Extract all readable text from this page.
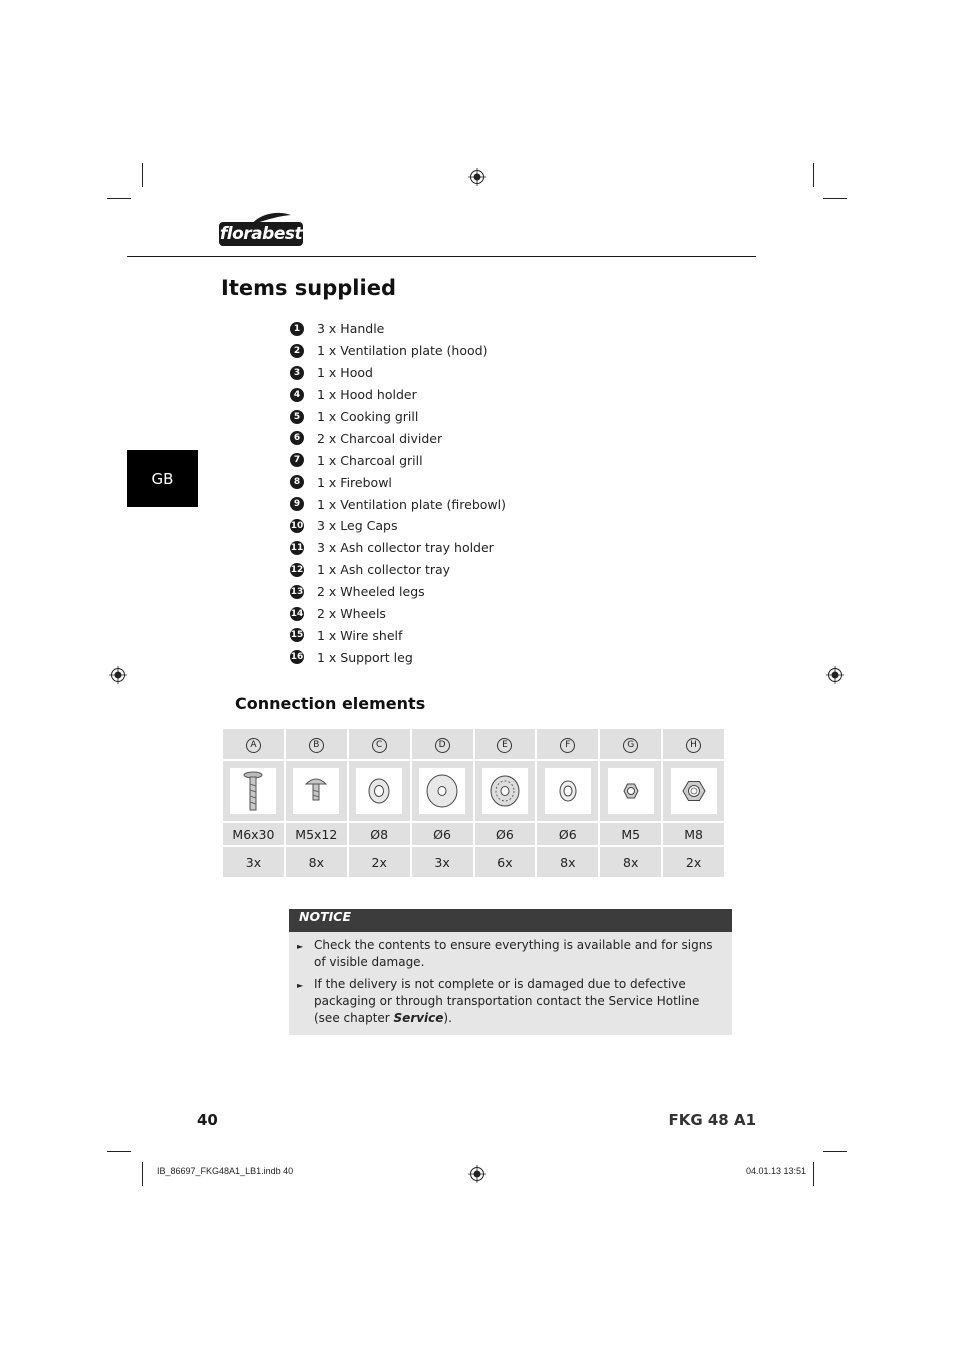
florabest
GB
Items supplied
1	3 x Handle
2	1 x Ventilation plate (hood)
3	1 x Hood
4	1 x Hood holder
5	1 x Cooking grill
6	2 x Charcoal divider
7	1 x Charcoal grill
8	1 x Firebowl
9	1 x Ventilation plate (firebowl)
10 3 x Leg Caps
11 3 x Ash collector tray holder
12 1 x Ash collector tray
13 2 x Wheeled legs
14 2 x Wheels
15 1 x Wire shelf
16 1 x Support leg
Connection elements
A	B	C	D	E	F	G	H

M6x30	M5x12	Ø8	Ø6	Ø6	Ø6	M5	M8
3x	8x	2x	3x	6x	8x	8x	2x
NOTICE
► Check the contents to ensure everything is available and for signs of visible damage.
► If the delivery is not complete or is damaged due to defective packaging or through transportation contact the Service Hotline (see chapter Service).
40	FKG 48 A1
IB_86697_FKG48A1_LB1.indb 40	04.01.13 13:51
